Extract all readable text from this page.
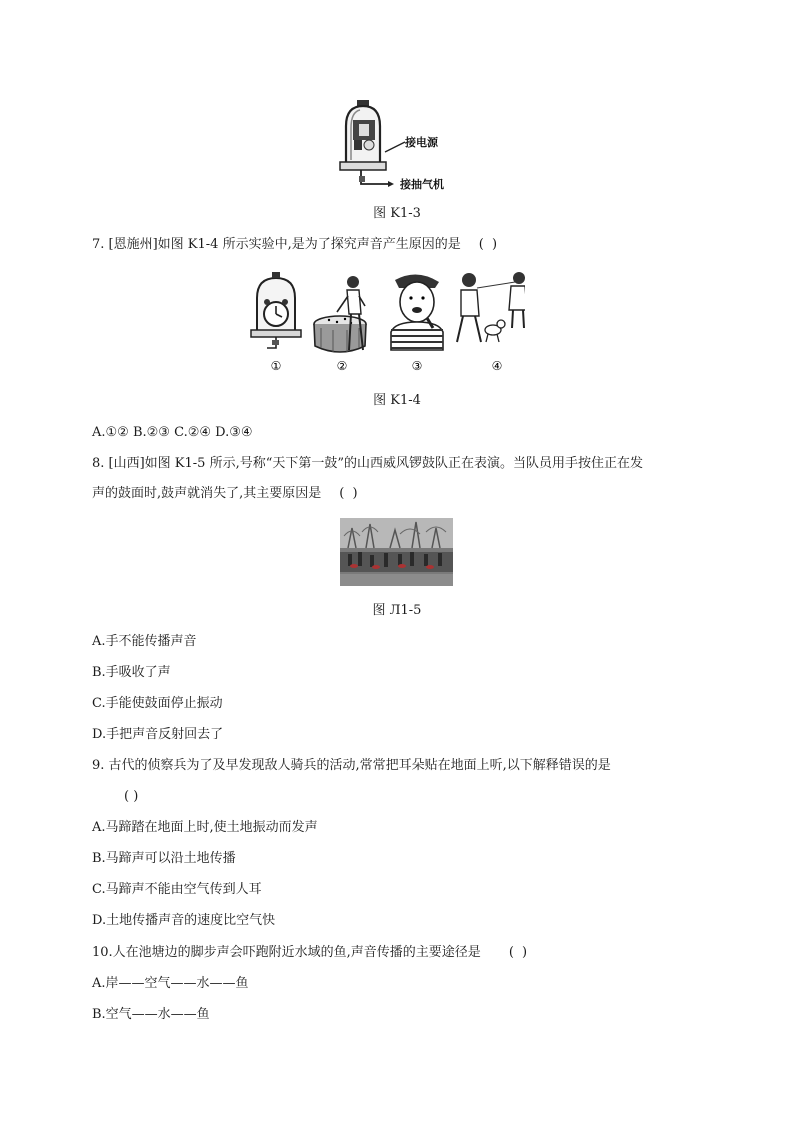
接电源
接抽气机
图 K1-3
7. [恩施州]如图 K1-4 所示实验中,是为了探究声音产生原因的是 ( )
①	②	③	④
图 K1-4
A.①② B.②③ C.②④ D.③④
8. [山西]如图 K1-5 所示,号称“天下第一鼓”的山西威风锣鼓队正在表演。当队员用手按住正在发
声的鼓面时,鼓声就消失了,其主要原因是 ( )
图 Л1-5
A.手不能传播声音
B.手吸收了声
C.手能使鼓面停止振动
D.手把声音反射回去了
9. 古代的侦察兵为了及早发现敌人骑兵的活动,常常把耳朵贴在地面上听,以下解释错误的是
( )
A.马蹄踏在地面上时,使土地振动而发声
B.马蹄声可以沿土地传播
C.马蹄声不能由空气传到人耳
D.土地传播声音的速度比空气快
10.人在池塘边的脚步声会吓跑附近水域的鱼,声音传播的主要途径是 ( )
A.岸——空气——水——鱼
B.空气——水——鱼
